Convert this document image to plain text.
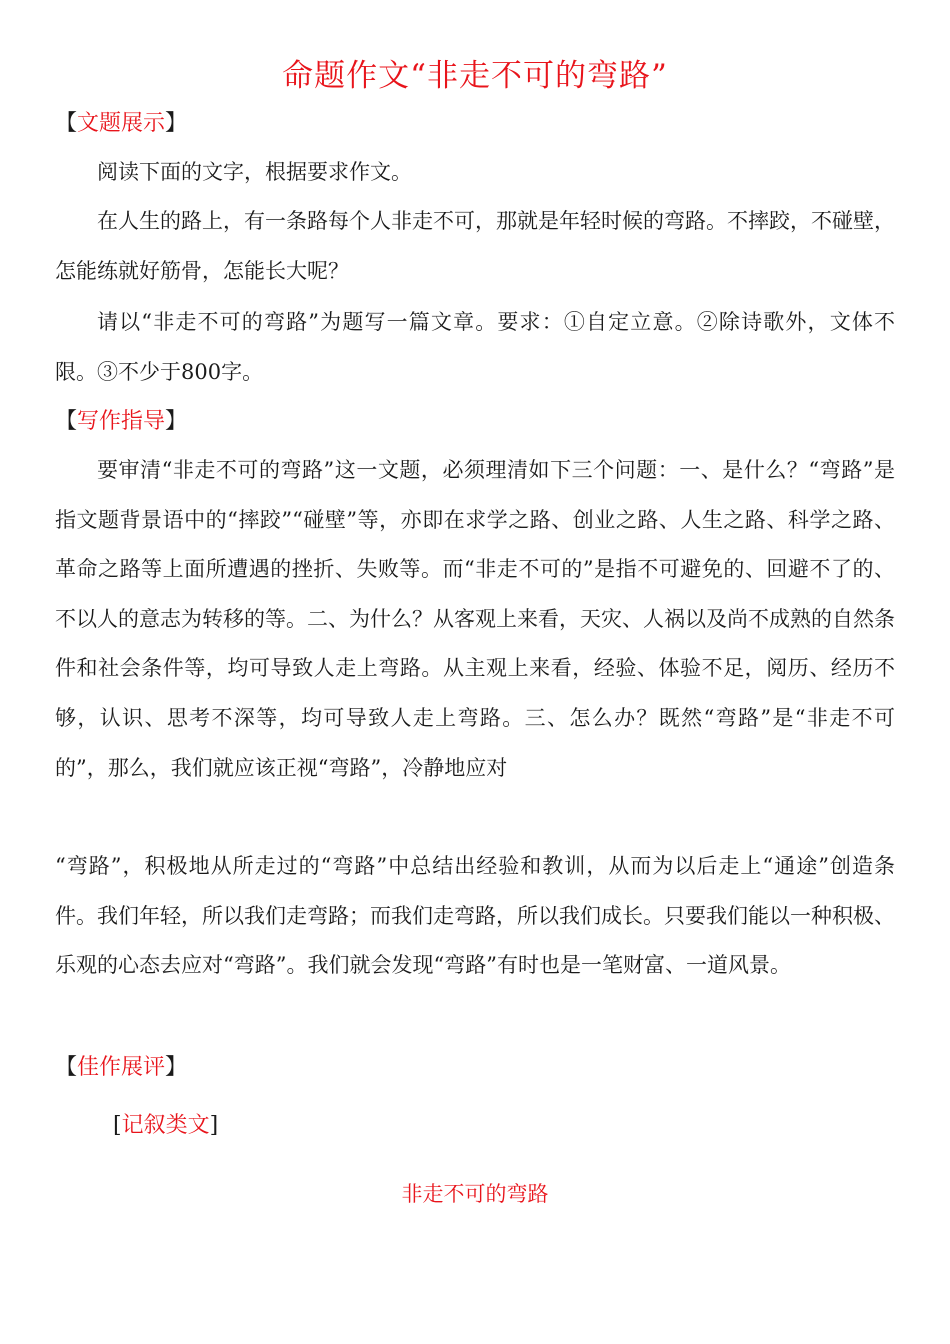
命题作文“非走不可的弯路”
【文题展示】

阅读下面的文字，根据要求作文。

在人生的路上，有一条路每个人非走不可，那就是年轻时候的弯路。不摔跤，不碰壁，怎能练就好筋骨，怎能长大呢？

请以“非走不可的弯路”为题写一篇文章。要求：①自定立意。②除诗歌外，文体不限。③不少于800字。

【写作指导】

要审清“非走不可的弯路”这一文题，必须理清如下三个问题：一、是什么？“弯路”是指文题背景语中的“摔跤”“碰壁”等，亦即在求学之路、创业之路、人生之路、科学之路、革命之路等上面所遭遇的挫折、失败等。而“非走不可的”是指不可避免的、回避不了的、不以人的意志为转移的等。二、为什么？从客观上来看，天灾、人祸以及尚不成熟的自然条件和社会条件等，均可导致人走上弯路。从主观上来看，经验、体验不足，阅历、经历不够，认识、思考不深等，均可导致人走上弯路。三、怎么办？既然“弯路”是“非走不可的”，那么，我们就应该正视“弯路”，冷静地应对

“弯路”，积极地从所走过的“弯路”中总结出经验和教训，从而为以后走上“通途”创造条件。我们年轻，所以我们走弯路；而我们走弯路，所以我们成长。只要我们能以一种积极、乐观的心态去应对“弯路”。我们就会发现“弯路”有时也是一笔财富、一道风景。

【佳作展评】
[记叙类文]

非走不可的弯路
